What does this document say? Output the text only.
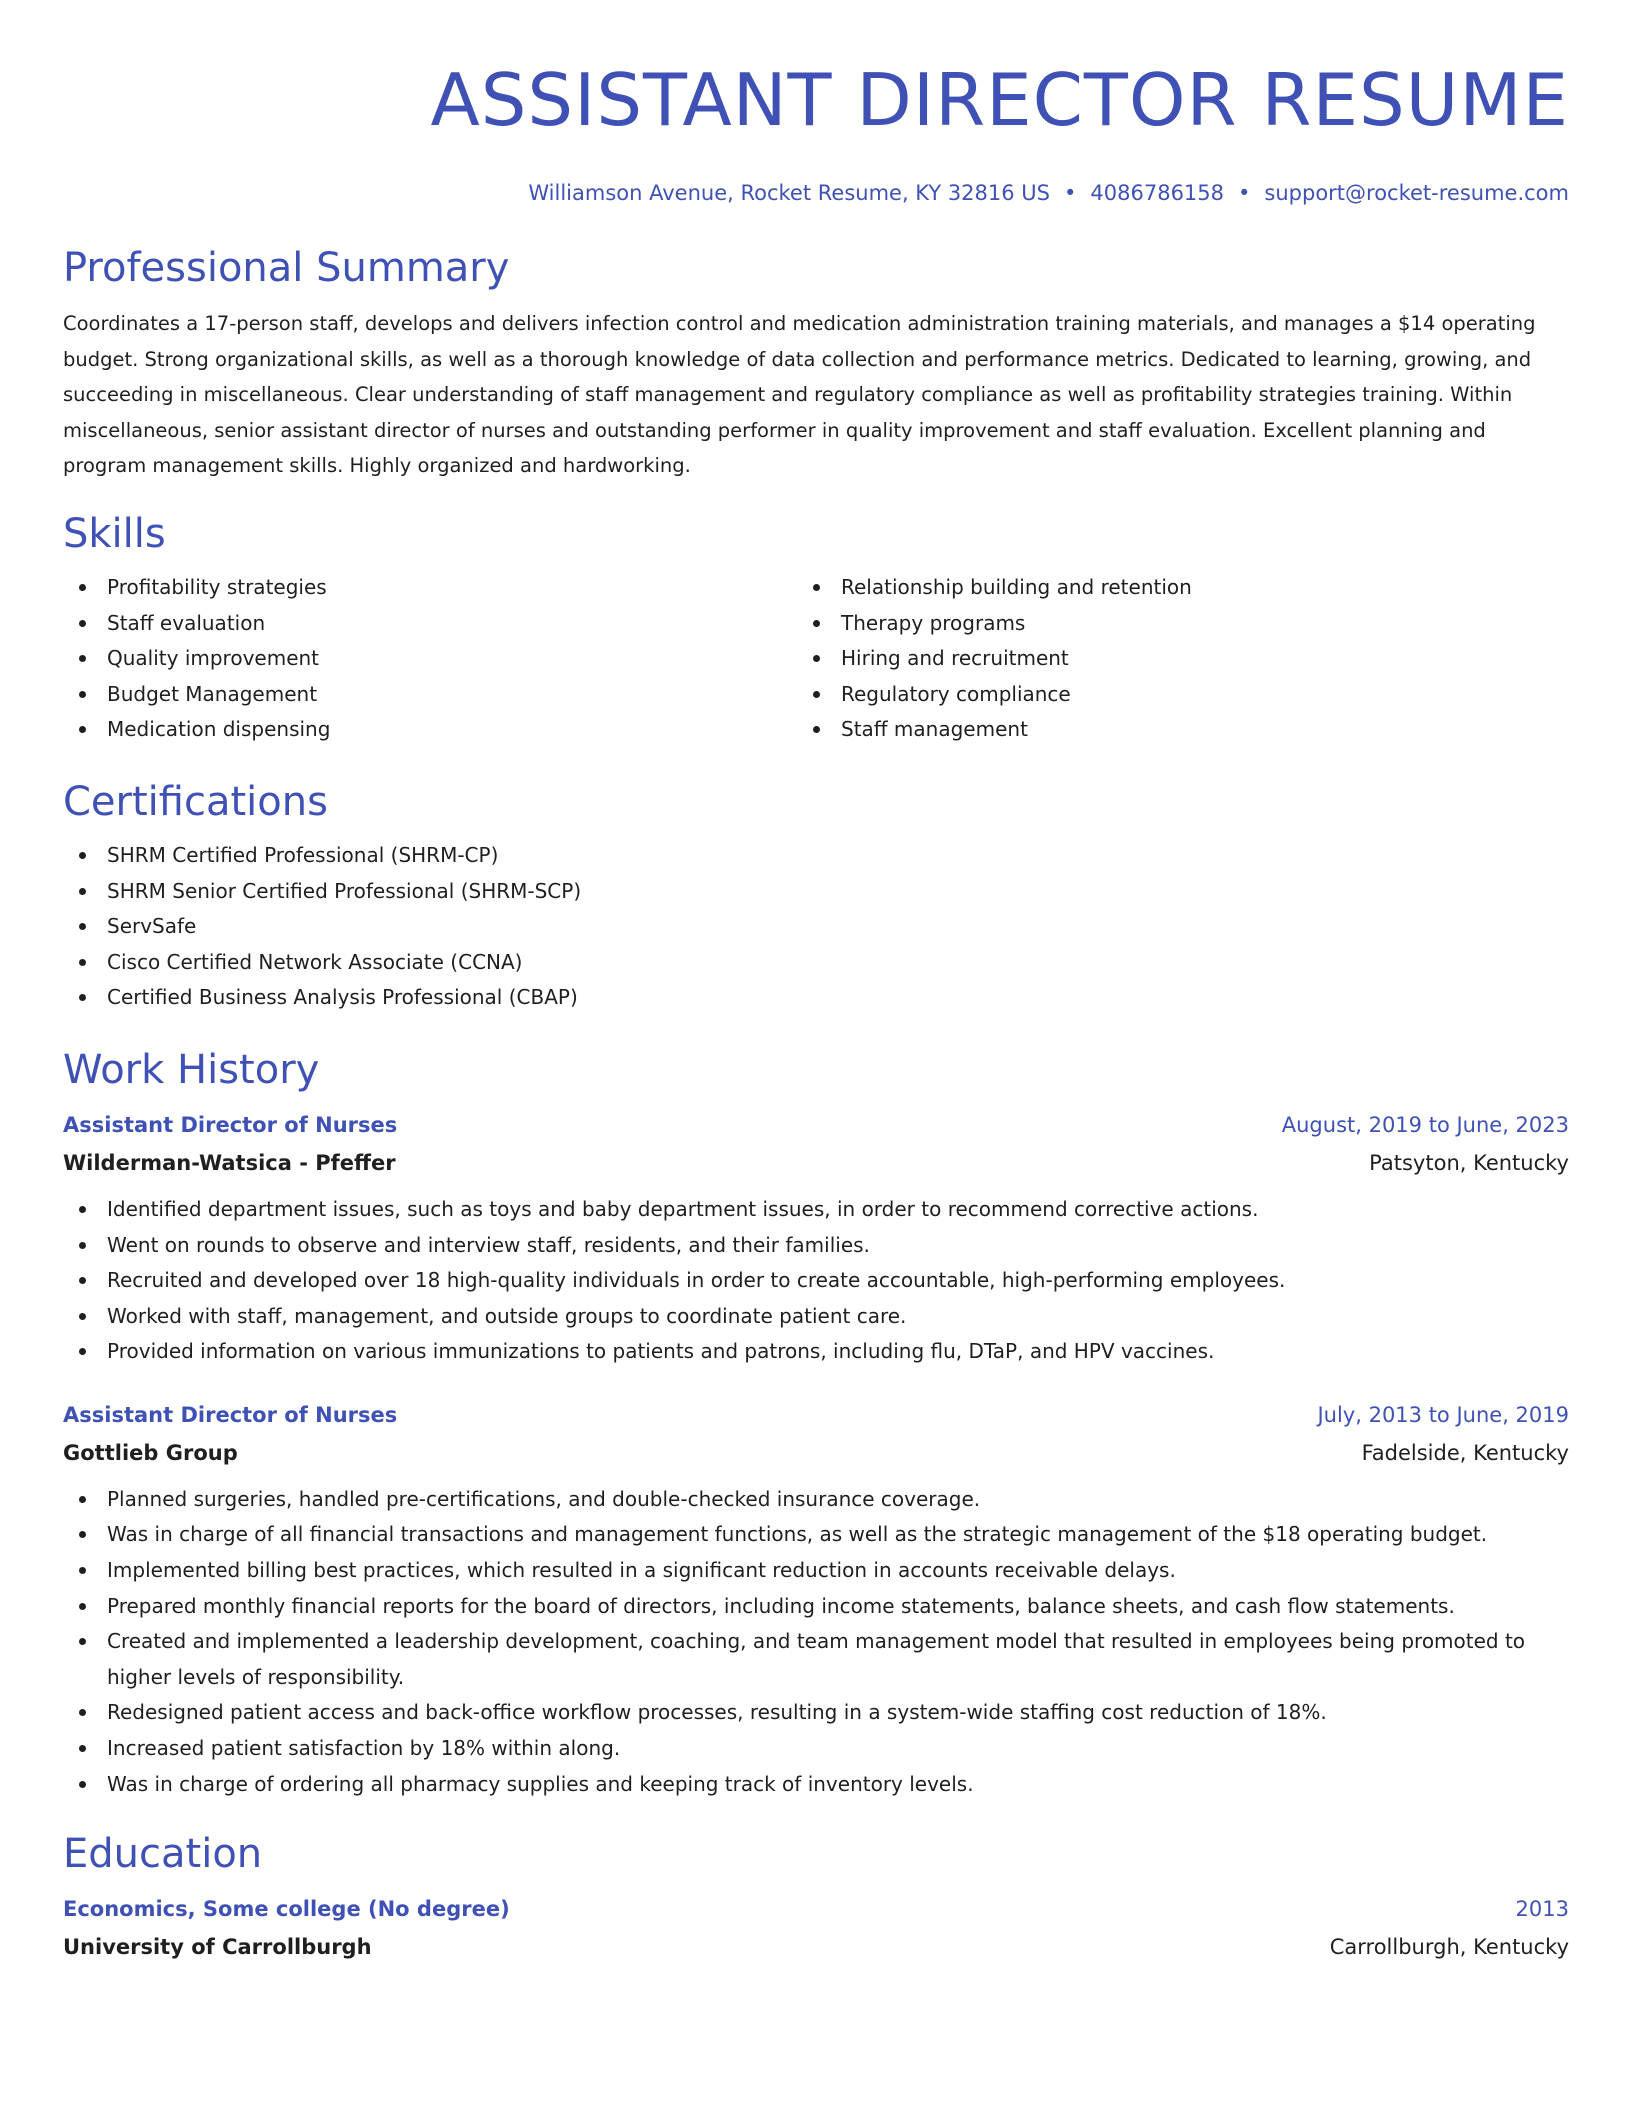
ASSISTANT DIRECTOR RESUME
Williamson Avenue, Rocket Resume, KY 32816 US • 4086786158 • support@rocket-resume.com
Professional Summary
Coordinates a 17-person staff, develops and delivers infection control and medication administration training materials, and manages a $14 operating budget. Strong organizational skills, as well as a thorough knowledge of data collection and performance metrics. Dedicated to learning, growing, and succeeding in miscellaneous. Clear understanding of staff management and regulatory compliance as well as profitability strategies training. Within miscellaneous, senior assistant director of nurses and outstanding performer in quality improvement and staff evaluation. Excellent planning and program management skills. Highly organized and hardworking.
Skills
Profitability strategies
Staff evaluation
Quality improvement
Budget Management
Medication dispensing
Relationship building and retention
Therapy programs
Hiring and recruitment
Regulatory compliance
Staff management
Certifications
SHRM Certified Professional (SHRM-CP)
SHRM Senior Certified Professional (SHRM-SCP)
ServSafe
Cisco Certified Network Associate (CCNA)
Certified Business Analysis Professional (CBAP)
Work History
Assistant Director of Nurses	August, 2019 to June, 2023
Wilderman-Watsica - Pfeffer	Patsyton, Kentucky
Identified department issues, such as toys and baby department issues, in order to recommend corrective actions.
Went on rounds to observe and interview staff, residents, and their families.
Recruited and developed over 18 high-quality individuals in order to create accountable, high-performing employees.
Worked with staff, management, and outside groups to coordinate patient care.
Provided information on various immunizations to patients and patrons, including flu, DTaP, and HPV vaccines.
Assistant Director of Nurses	July, 2013 to June, 2019
Gottlieb Group	Fadelside, Kentucky
Planned surgeries, handled pre-certifications, and double-checked insurance coverage.
Was in charge of all financial transactions and management functions, as well as the strategic management of the $18 operating budget.
Implemented billing best practices, which resulted in a significant reduction in accounts receivable delays.
Prepared monthly financial reports for the board of directors, including income statements, balance sheets, and cash flow statements.
Created and implemented a leadership development, coaching, and team management model that resulted in employees being promoted to higher levels of responsibility.
Redesigned patient access and back-office workflow processes, resulting in a system-wide staffing cost reduction of 18%.
Increased patient satisfaction by 18% within along.
Was in charge of ordering all pharmacy supplies and keeping track of inventory levels.
Education
Economics, Some college (No degree)	2013
University of Carrollburgh	Carrollburgh, Kentucky
